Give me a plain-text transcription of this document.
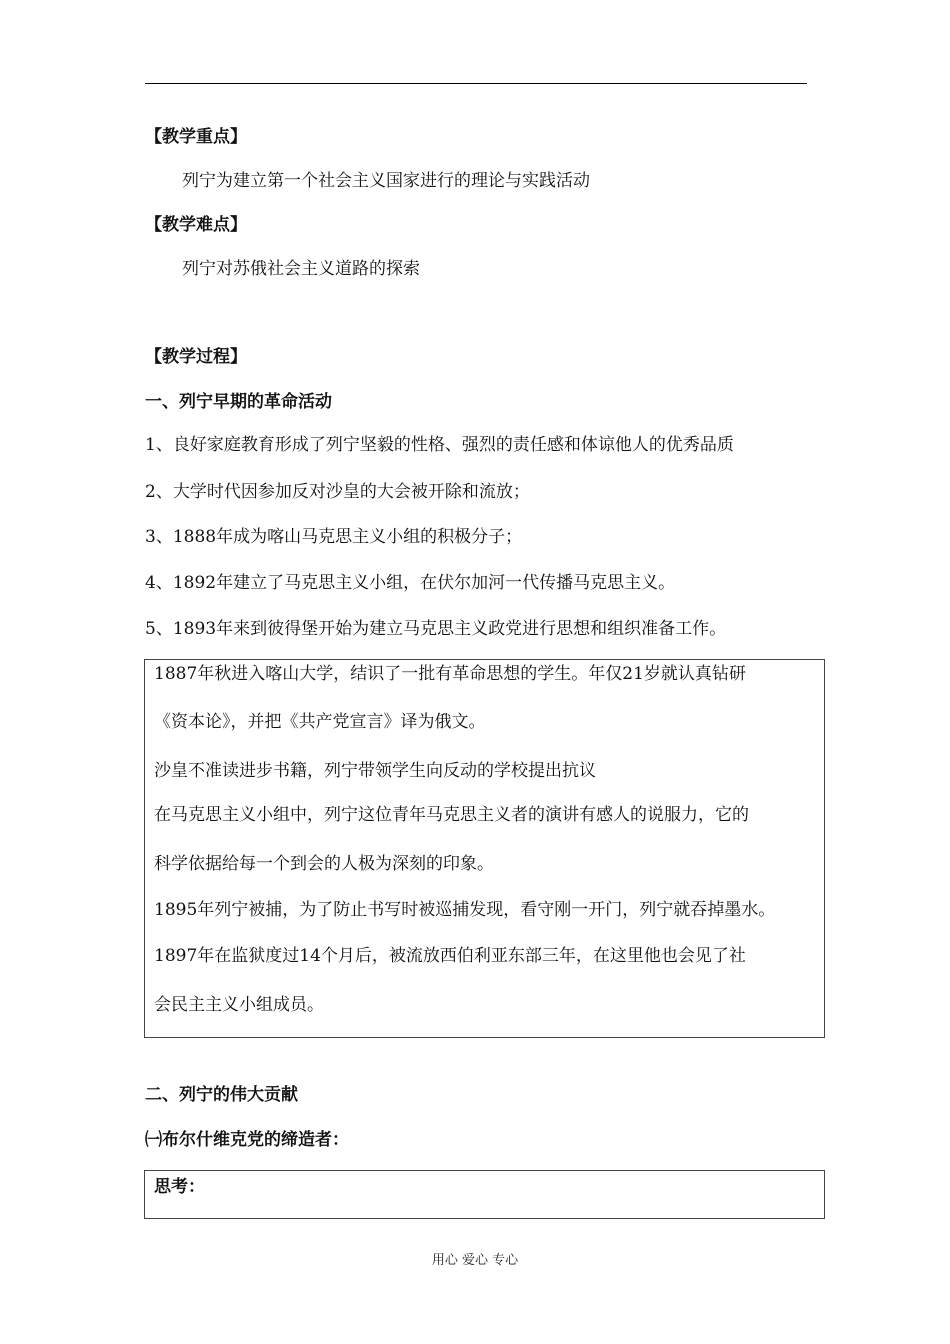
【教学重点】
列宁为建立第一个社会主义国家进行的理论与实践活动
【教学难点】
列宁对苏俄社会主义道路的探索
【教学过程】
一、列宁早期的革命活动
1、良好家庭教育形成了列宁坚毅的性格、强烈的责任感和体谅他人的优秀品质
2、大学时代因参加反对沙皇的大会被开除和流放；
3、1888年成为喀山马克思主义小组的积极分子；
4、1892年建立了马克思主义小组，在伏尔加河一代传播马克思主义。
5、1893年来到彼得堡开始为建立马克思主义政党进行思想和组织准备工作。
1887年秋进入喀山大学，结识了一批有革命思想的学生。年仅21岁就认真钻研
《资本论》，并把《共产党宣言》译为俄文。
沙皇不准读进步书籍，列宁带领学生向反动的学校提出抗议
在马克思主义小组中，列宁这位青年马克思主义者的演讲有感人的说服力，它的
科学依据给每一个到会的人极为深刻的印象。
1895年列宁被捕，为了防止书写时被巡捕发现，看守刚一开门，列宁就吞掉墨水。
1897年在监狱度过14个月后，被流放西伯利亚东部三年，在这里他也会见了社
会民主主义小组成员。
二、列宁的伟大贡献
㈠布尔什维克党的缔造者：
思考：
用心 爱心 专心
